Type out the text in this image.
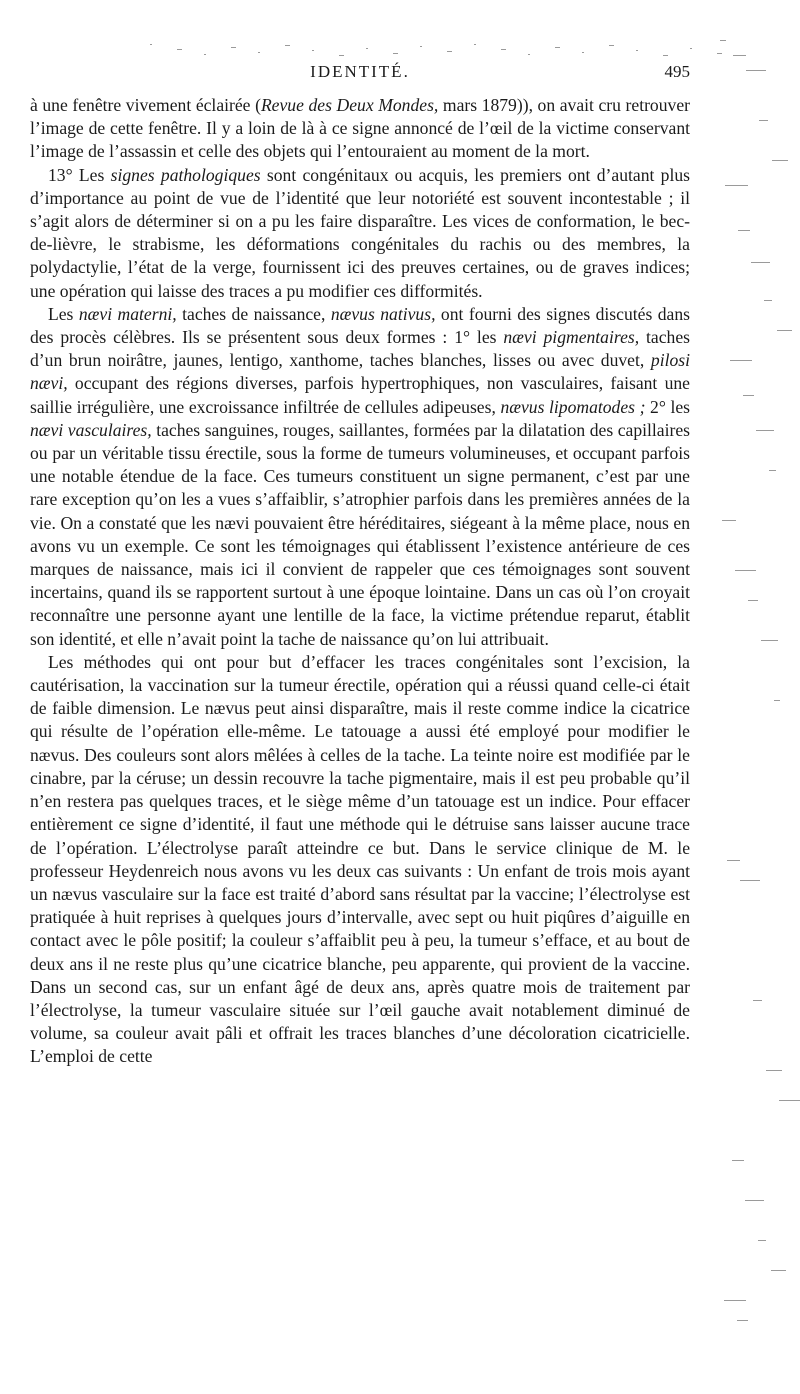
IDENTITÉ.	495

à une fenêtre vivement éclairée (Revue des Deux Mondes, mars 1879)), on avait cru retrouver l’image de cette fenêtre. Il y a loin de là à ce signe annoncé de l’œil de la victime conservant l’image de l’assassin et celle des objets qui l’entouraient au moment de la mort.

13° Les signes pathologiques sont congénitaux ou acquis, les premiers ont d’autant plus d’importance au point de vue de l’identité que leur notoriété est souvent incontestable ; il s’agit alors de déterminer si on a pu les faire disparaître. Les vices de conformation, le bec-de-lièvre, le strabisme, les déformations congénitales du rachis ou des membres, la polydactylie, l’état de la verge, fournissent ici des preuves certaines, ou de graves indices; une opération qui laisse des traces a pu modifier ces difformités.

Les nævi materni, taches de naissance, nævus nativus, ont fourni des signes discutés dans des procès célèbres. Ils se présentent sous deux formes : 1° les nævi pigmentaires, taches d’un brun noirâtre, jaunes, lentigo, xanthome, taches blanches, lisses ou avec duvet, pilosi nævi, occupant des régions diverses, parfois hypertrophiques, non vasculaires, faisant une saillie irrégulière, une excroissance infiltrée de cellules adipeuses, nævus lipomatodes ; 2° les nævi vasculaires, taches sanguines, rouges, saillantes, formées par la dilatation des capillaires ou par un véritable tissu érectile, sous la forme de tumeurs volumineuses, et occupant parfois une notable étendue de la face. Ces tumeurs constituent un signe permanent, c’est par une rare exception qu’on les a vues s’affaiblir, s’atrophier parfois dans les premières années de la vie. On a constaté que les nævi pouvaient être héréditaires, siégeant à la même place, nous en avons vu un exemple. Ce sont les témoignages qui établissent l’existence antérieure de ces marques de naissance, mais ici il convient de rappeler que ces témoignages sont souvent incertains, quand ils se rapportent surtout à une époque lointaine. Dans un cas où l’on croyait reconnaître une personne ayant une lentille de la face, la victime prétendue reparut, établit son identité, et elle n’avait point la tache de naissance qu’on lui attribuait.

Les méthodes qui ont pour but d’effacer les traces congénitales sont l’excision, la cautérisation, la vaccination sur la tumeur érectile, opération qui a réussi quand celle-ci était de faible dimension. Le nævus peut ainsi disparaître, mais il reste comme indice la cicatrice qui résulte de l’opération elle-même. Le tatouage a aussi été employé pour modifier le nævus. Des couleurs sont alors mêlées à celles de la tache. La teinte noire est modifiée par le cinabre, par la céruse; un dessin recouvre la tache pigmentaire, mais il est peu probable qu’il n’en restera pas quelques traces, et le siège même d’un tatouage est un indice. Pour effacer entièrement ce signe d’identité, il faut une méthode qui le détruise sans laisser aucune trace de l’opération. L’électrolyse paraît atteindre ce but. Dans le service clinique de M. le professeur Heydenreich nous avons vu les deux cas suivants : Un enfant de trois mois ayant un nævus vasculaire sur la face est traité d’abord sans résultat par la vaccine; l’électrolyse est pratiquée à huit reprises à quelques jours d’intervalle, avec sept ou huit piqûres d’aiguille en contact avec le pôle positif; la couleur s’affaiblit peu à peu, la tumeur s’efface, et au bout de deux ans il ne reste plus qu’une cicatrice blanche, peu apparente, qui provient de la vaccine. Dans un second cas, sur un enfant âgé de deux ans, après quatre mois de traitement par l’électrolyse, la tumeur vasculaire située sur l’œil gauche avait notablement diminué de volume, sa couleur avait pâli et offrait les traces blanches d’une décoloration cicatricielle. L’emploi de cette
